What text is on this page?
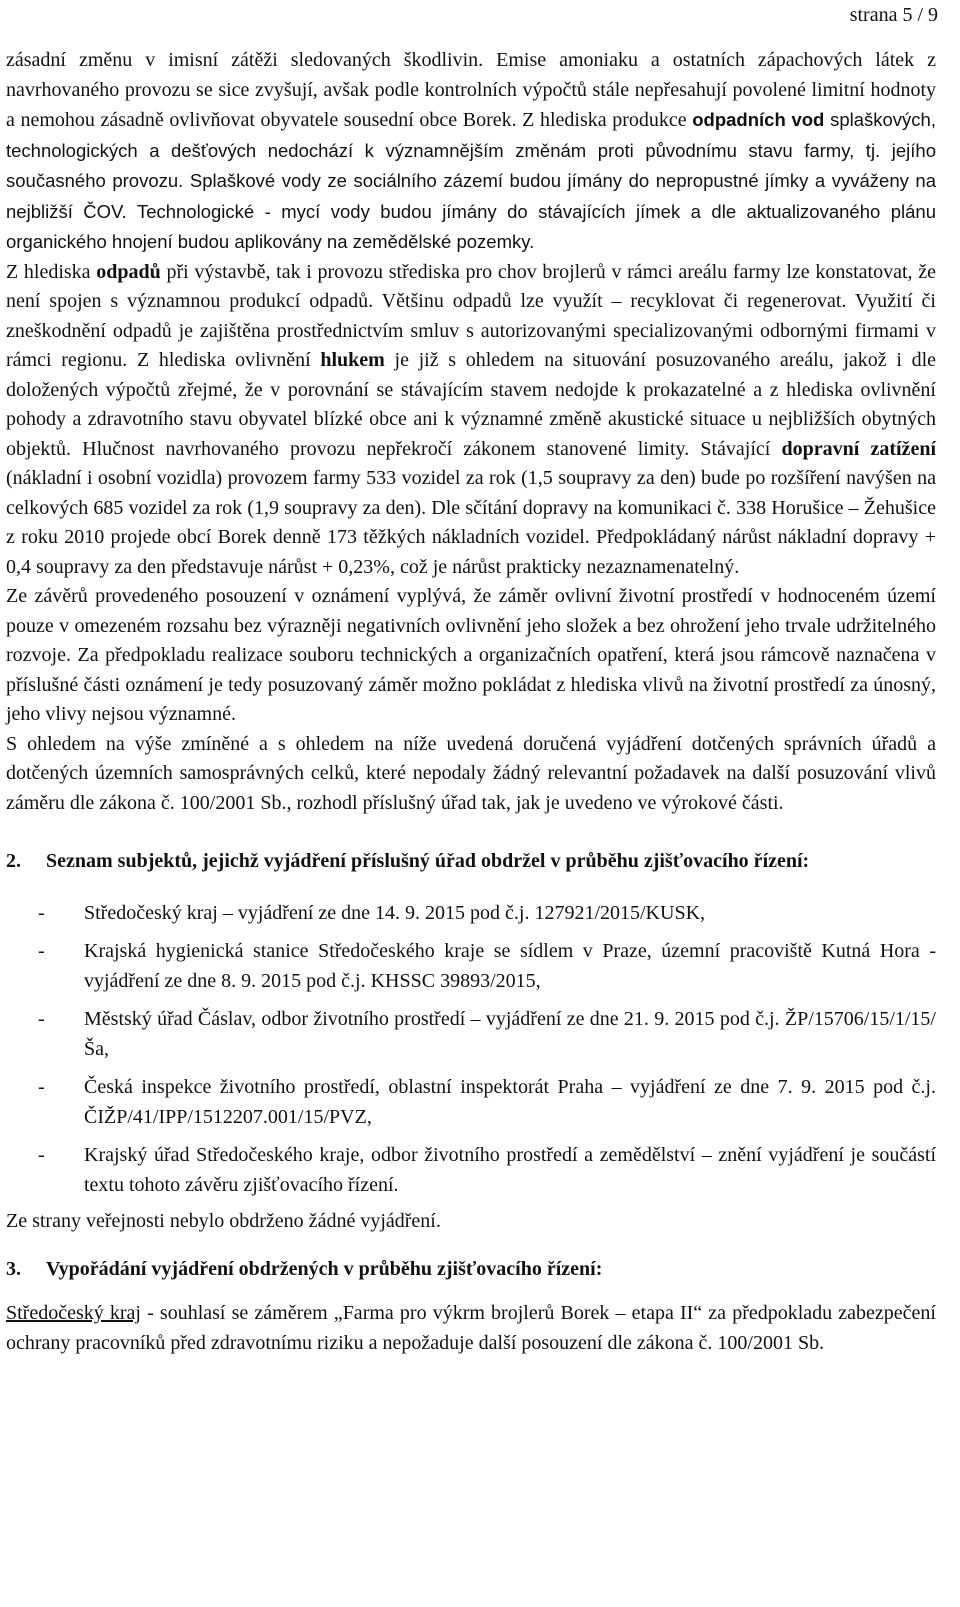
strana 5 / 9

zásadní změnu v imisní zátěži sledovaných škodlivin. Emise amoniaku a ostatních zápachových látek z navrhovaného provozu se sice zvyšují, avšak podle kontrolních výpočtů stále nepřesahují povolené limitní hodnoty a nemohou zásadně ovlivňovat obyvatele sousední obce Borek. Z hlediska produkce odpadních vod splaškových, technologických a dešťových nedochází k významnějším změnám proti původnímu stavu farmy, tj. jejího současného provozu. Splaškové vody ze sociálního zázemí budou jímány do nepropustné jímky a vyváženy na nejbližší ČOV. Technologické - mycí vody budou jímány do stávajících jímek a dle aktualizovaného plánu organického hnojení budou aplikovány na zemědělské pozemky.

Z hlediska odpadů při výstavbě, tak i provozu střediska pro chov brojlerů v rámci areálu farmy lze konstatovat, že není spojen s významnou produkcí odpadů. Většinu odpadů lze využít – recyklovat či regenerovat. Využití či zneškodnění odpadů je zajištěna prostřednictvím smluv s autorizovanými specializovanými odbornými firmami v rámci regionu. Z hlediska ovlivnění hlukem je již s ohledem na situování posuzovaného areálu, jakož i dle doložených výpočtů zřejmé, že v porovnání se stávajícím stavem nedojde k prokazatelné a z hlediska ovlivnění pohody a zdravotního stavu obyvatel blízké obce ani k významné změně akustické situace u nejbližších obytných objektů. Hlučnost navrhovaného provozu nepřekročí zákonem stanovené limity. Stávající dopravní zatížení (nákladní i osobní vozidla) provozem farmy 533 vozidel za rok (1,5 soupravy za den) bude po rozšíření navýšen na celkových 685 vozidel za rok (1,9 soupravy za den). Dle sčítání dopravy na komunikaci č. 338 Horušice – Žehušice z roku 2010 projede obcí Borek denně 173 těžkých nákladních vozidel. Předpokládaný nárůst nákladní dopravy + 0,4 soupravy za den představuje nárůst + 0,23%, což je nárůst prakticky nezaznamenatelný.

Ze závěrů provedeného posouzení v oznámení vyplývá, že záměr ovlivní životní prostředí v hodnoceném území pouze v omezeném rozsahu bez výrazněji negativních ovlivnění jeho složek a bez ohrožení jeho trvale udržitelného rozvoje. Za předpokladu realizace souboru technických a organizačních opatření, která jsou rámcově naznačena v příslušné části oznámení je tedy posuzovaný záměr možno pokládat z hlediska vlivů na životní prostředí za únosný, jeho vlivy nejsou významné.

S ohledem na výše zmíněné a s ohledem na níže uvedená doručená vyjádření dotčených správních úřadů a dotčených územních samosprávných celků, které nepodaly žádný relevantní požadavek na další posuzování vlivů záměru dle zákona č. 100/2001 Sb., rozhodl příslušný úřad tak, jak je uvedeno ve výrokové části.

2.	Seznam subjektů, jejichž vyjádření příslušný úřad obdržel v průběhu zjišťovacího řízení:
-	Středočeský kraj – vyjádření ze dne 14. 9. 2015 pod č.j. 127921/2015/KUSK,
-	Krajská hygienická stanice Středočeského kraje se sídlem v Praze, územní pracoviště Kutná Hora - vyjádření ze dne 8. 9. 2015 pod č.j. KHSSC 39893/2015,
-	Městský úřad Čáslav, odbor životního prostředí – vyjádření ze dne 21. 9. 2015 pod č.j. ŽP/15706/15/1/15/Ša,
-	Česká inspekce životního prostředí, oblastní inspektorát Praha – vyjádření ze dne 7. 9. 2015 pod č.j. ČIŽP/41/IPP/1512207.001/15/PVZ,
-	Krajský úřad Středočeského kraje, odbor životního prostředí a zemědělství – znění vyjádření je součástí textu tohoto závěru zjišťovacího řízení.

Ze strany veřejnosti nebylo obdrženo žádné vyjádření.

3.	Vypořádání vyjádření obdržených v průběhu zjišťovacího řízení:

Středočeský kraj - souhlasí se záměrem „Farma pro výkrm brojlerů Borek – etapa II“ za předpokladu zabezpečení ochrany pracovníků před zdravotnímu riziku a nepožaduje další posouzení dle zákona č. 100/2001 Sb.
